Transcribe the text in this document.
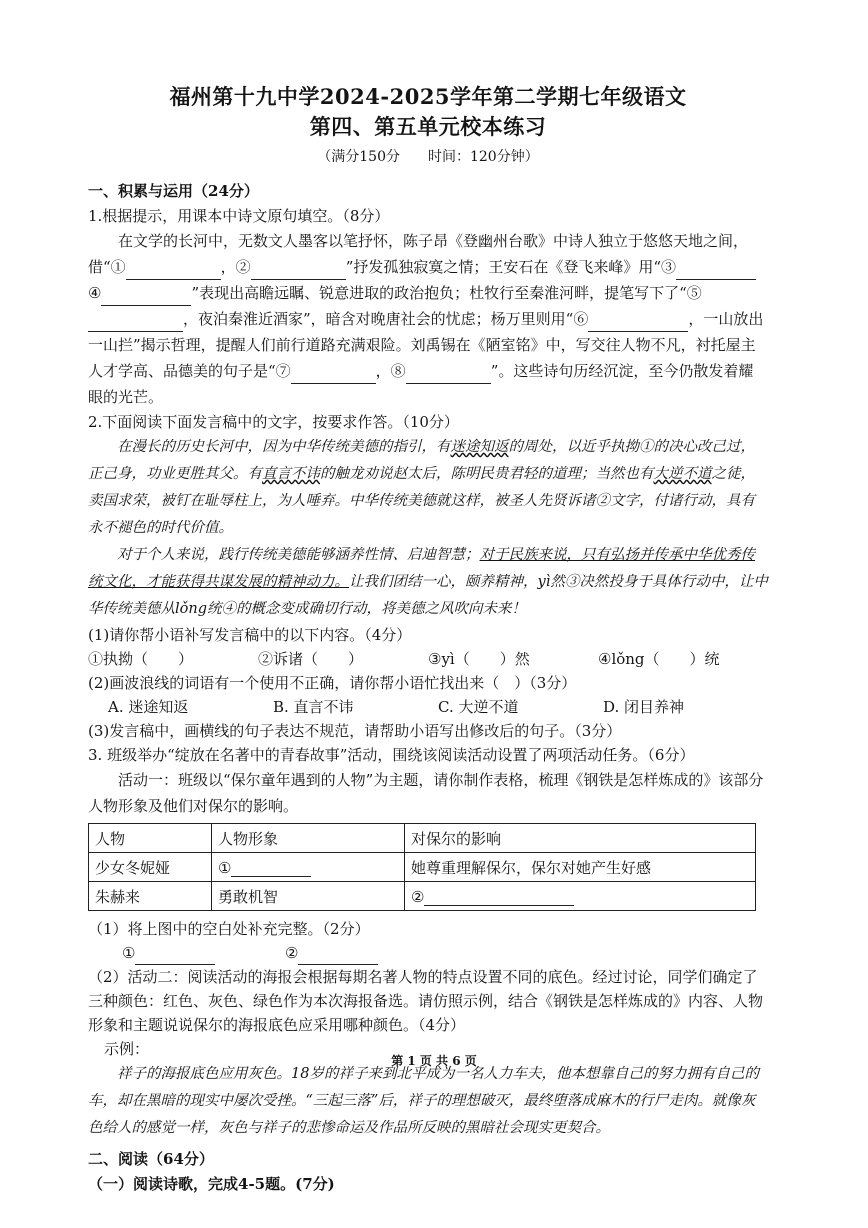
福州第十九中学2024-2025学年第二学期七年级语文
第四、第五单元校本练习
（满分150分　　时间：120分钟）
一、积累与运用（24分）
1.根据提示，用课本中诗文原句填空。（8分）
在文学的长河中，无数文人墨客以笔抒怀，陈子昂《登幽州台歌》中诗人独立于悠悠天地之间，借“①	，②	”抒发孤独寂寞之情；王安石在《登飞来峰》用“③④	”表现出高瞻远瞩、锐意进取的政治抱负；杜牧行至秦淮河畔，提笔写下了“⑤，夜泊秦淮近酒家”，暗含对晚唐社会的忧虑；杨万里则用“⑥	，一山放出一山拦”揭示哲理，提醒人们前行道路充满艰险。刘禹锡在《陋室铭》中，写交往人物不凡，衬托屋主人才学高、品德美的句子是“⑦	，⑧	”。这些诗句历经沉淀，至今仍散发着耀眼的光芒。
2.下面阅读下面发言稿中的文字，按要求作答。（10分）
在漫长的历史长河中，因为中华传统美德的指引，有迷途知返的周处，以近乎执拗①的决心改己过，正己身，功业更胜其父。有直言不讳的触龙劝说赵太后，陈明民贵君轻的道理；当然也有大逆不道之徒，卖国求荣，被钉在耻辱柱上，为人唾弃。中华传统美德就这样，被圣人先贤诉诸②文字，付诸行动，具有永不褪色的时代价值。
对于个人来说，践行传统美德能够涵养性情、启迪智慧；对于民族来说，只有弘扬并传承中华优秀传统文化，才能获得共谋发展的精神动力。让我们团结一心，颐养精神，yì然③决然投身于具体行动中，让中华传统美德从lǒng统④的概念变成确切行动，将美德之风吹向未来！
(1)请你帮小语补写发言稿中的以下内容。（4分）
①执拗（　　）	②诉诸（　　）	③yì（　　）然	④lǒng（　　）统
(2)画波浪线的词语有一个使用不正确，请你帮小语忙找出来（　）（3分）
A. 迷途知返	B. 直言不讳	C. 大逆不道	D. 闭目养神
(3)发言稿中，画横线的句子表达不规范，请帮助小语写出修改后的句子。（3分）
3. 班级举办“绽放在名著中的青春故事”活动，围绕该阅读活动设置了两项活动任务。（6分）
活动一：班级以“保尔童年遇到的人物”为主题，请你制作表格，梳理《钢铁是怎样炼成的》该部分人物形象及他们对保尔的影响。
人物	人物形象	对保尔的影响
少女冬妮娅	①	她尊重理解保尔，保尔对她产生好感
朱赫来	勇敢机智	②
（1）将上图中的空白处补充完整。（2分）
①	②
（2）活动二：阅读活动的海报会根据每期名著人物的特点设置不同的底色。经过讨论，同学们确定了三种颜色：红色、灰色、绿色作为本次海报备选。请仿照示例，结合《钢铁是怎样炼成的》内容、人物形象和主题说说保尔的海报底色应采用哪种颜色。（4分）
示例：
祥子的海报底色应用灰色。18岁的祥子来到北平成为一名人力车夫，他本想靠自己的努力拥有自己的车，却在黑暗的现实中屡次受挫。“三起三落”后，祥子的理想破灭，最终堕落成麻木的行尸走肉。就像灰色给人的感觉一样，灰色与祥子的悲惨命运及作品所反映的黑暗社会现实更契合。
二、阅读（64分）
（一）阅读诗歌，完成4-5题。(7分)
第 1 页 共 6 页
